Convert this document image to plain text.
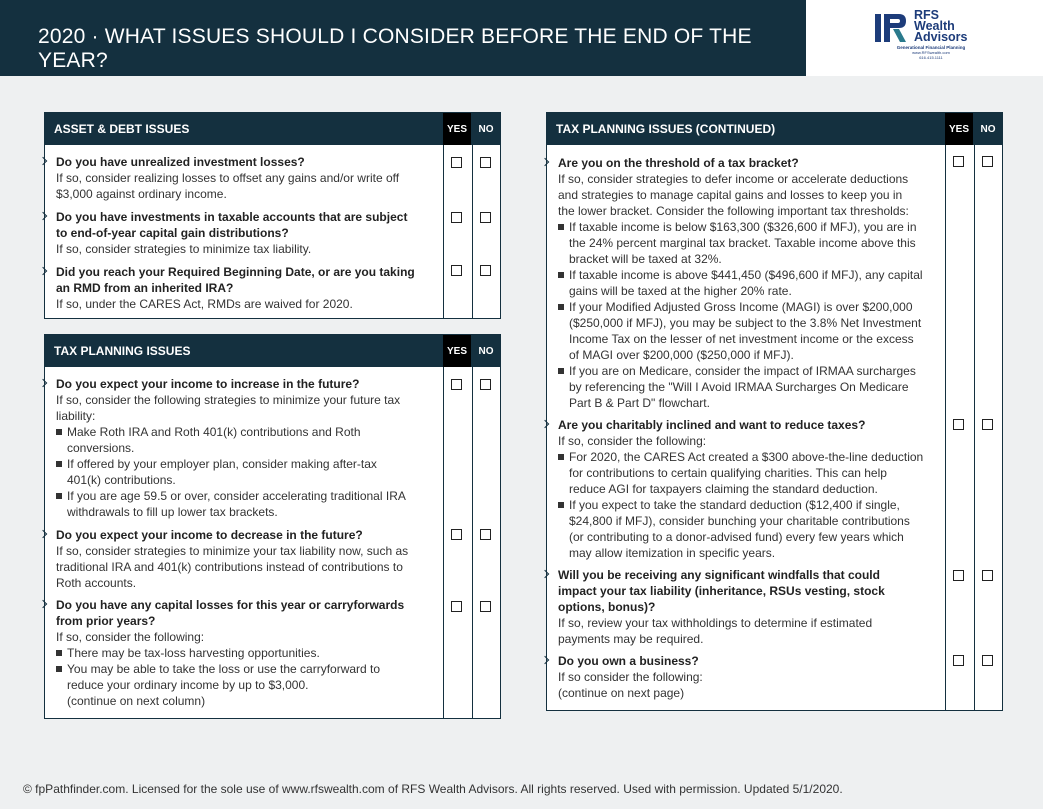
2020 · WHAT ISSUES SHOULD I CONSIDER BEFORE THE END OF THE YEAR?
RFS
Wealth
Advisors
Generational Financial Planning
www.RFSwealth.com
616.415.1111
ASSET & DEBT ISSUES	YES	NO
TAX PLANNING ISSUES	YES	NO
TAX PLANNING ISSUES (CONTINUED)	YES	NO
Do you have unrealized investment losses?
If so, consider realizing losses to offset any gains and/or write off
$3,000 against ordinary income.
Do you have investments in taxable accounts that are subject
to end-of-year capital gain distributions?
If so, consider strategies to minimize tax liability.
Did you reach your Required Beginning Date, or are you taking
an RMD from an inherited IRA?
If so, under the CARES Act, RMDs are waived for 2020.
Do you expect your income to increase in the future?
If so, consider the following strategies to minimize your future tax
liability:
Make Roth IRA and Roth 401(k) contributions and Roth
conversions.
If offered by your employer plan, consider making after-tax
401(k) contributions.
If you are age 59.5 or over, consider accelerating traditional IRA
withdrawals to fill up lower tax brackets.
Do you expect your income to decrease in the future?
If so, consider strategies to minimize your tax liability now, such as
traditional IRA and 401(k) contributions instead of contributions to
Roth accounts.
Do you have any capital losses for this year or carryforwards
from prior years?
If so, consider the following:
There may be tax-loss harvesting opportunities.
You may be able to take the loss or use the carryforward to
reduce your ordinary income by up to $3,000.
(continue on next column)
Are you on the threshold of a tax bracket?
If so, consider strategies to defer income or accelerate deductions
and strategies to manage capital gains and losses to keep you in
the lower bracket. Consider the following important tax thresholds:
If taxable income is below $163,300 ($326,600 if MFJ), you are in
the 24% percent marginal tax bracket. Taxable income above this
bracket will be taxed at 32%.
If taxable income is above $441,450 ($496,600 if MFJ), any capital
gains will be taxed at the higher 20% rate.
If your Modified Adjusted Gross Income (MAGI) is over $200,000
($250,000 if MFJ), you may be subject to the 3.8% Net Investment
Income Tax on the lesser of net investment income or the excess
of MAGI over $200,000 ($250,000 if MFJ).
If you are on Medicare, consider the impact of IRMAA surcharges
by referencing the "Will I Avoid IRMAA Surcharges On Medicare
Part B & Part D" flowchart.
Are you charitably inclined and want to reduce taxes?
If so, consider the following:
For 2020, the CARES Act created a $300 above-the-line deduction
for contributions to certain qualifying charities. This can help
reduce AGI for taxpayers claiming the standard deduction.
If you expect to take the standard deduction ($12,400 if single,
$24,800 if MFJ), consider bunching your charitable contributions
(or contributing to a donor-advised fund) every few years which
may allow itemization in specific years.
Will you be receiving any significant windfalls that could
impact your tax liability (inheritance, RSUs vesting, stock
options, bonus)?
If so, review your tax withholdings to determine if estimated
payments may be required.
Do you own a business?
If so consider the following:
(continue on next page)
© fpPathfinder.com. Licensed for the sole use of www.rfswealth.com of RFS Wealth Advisors. All rights reserved. Used with permission. Updated 5/1/2020.
